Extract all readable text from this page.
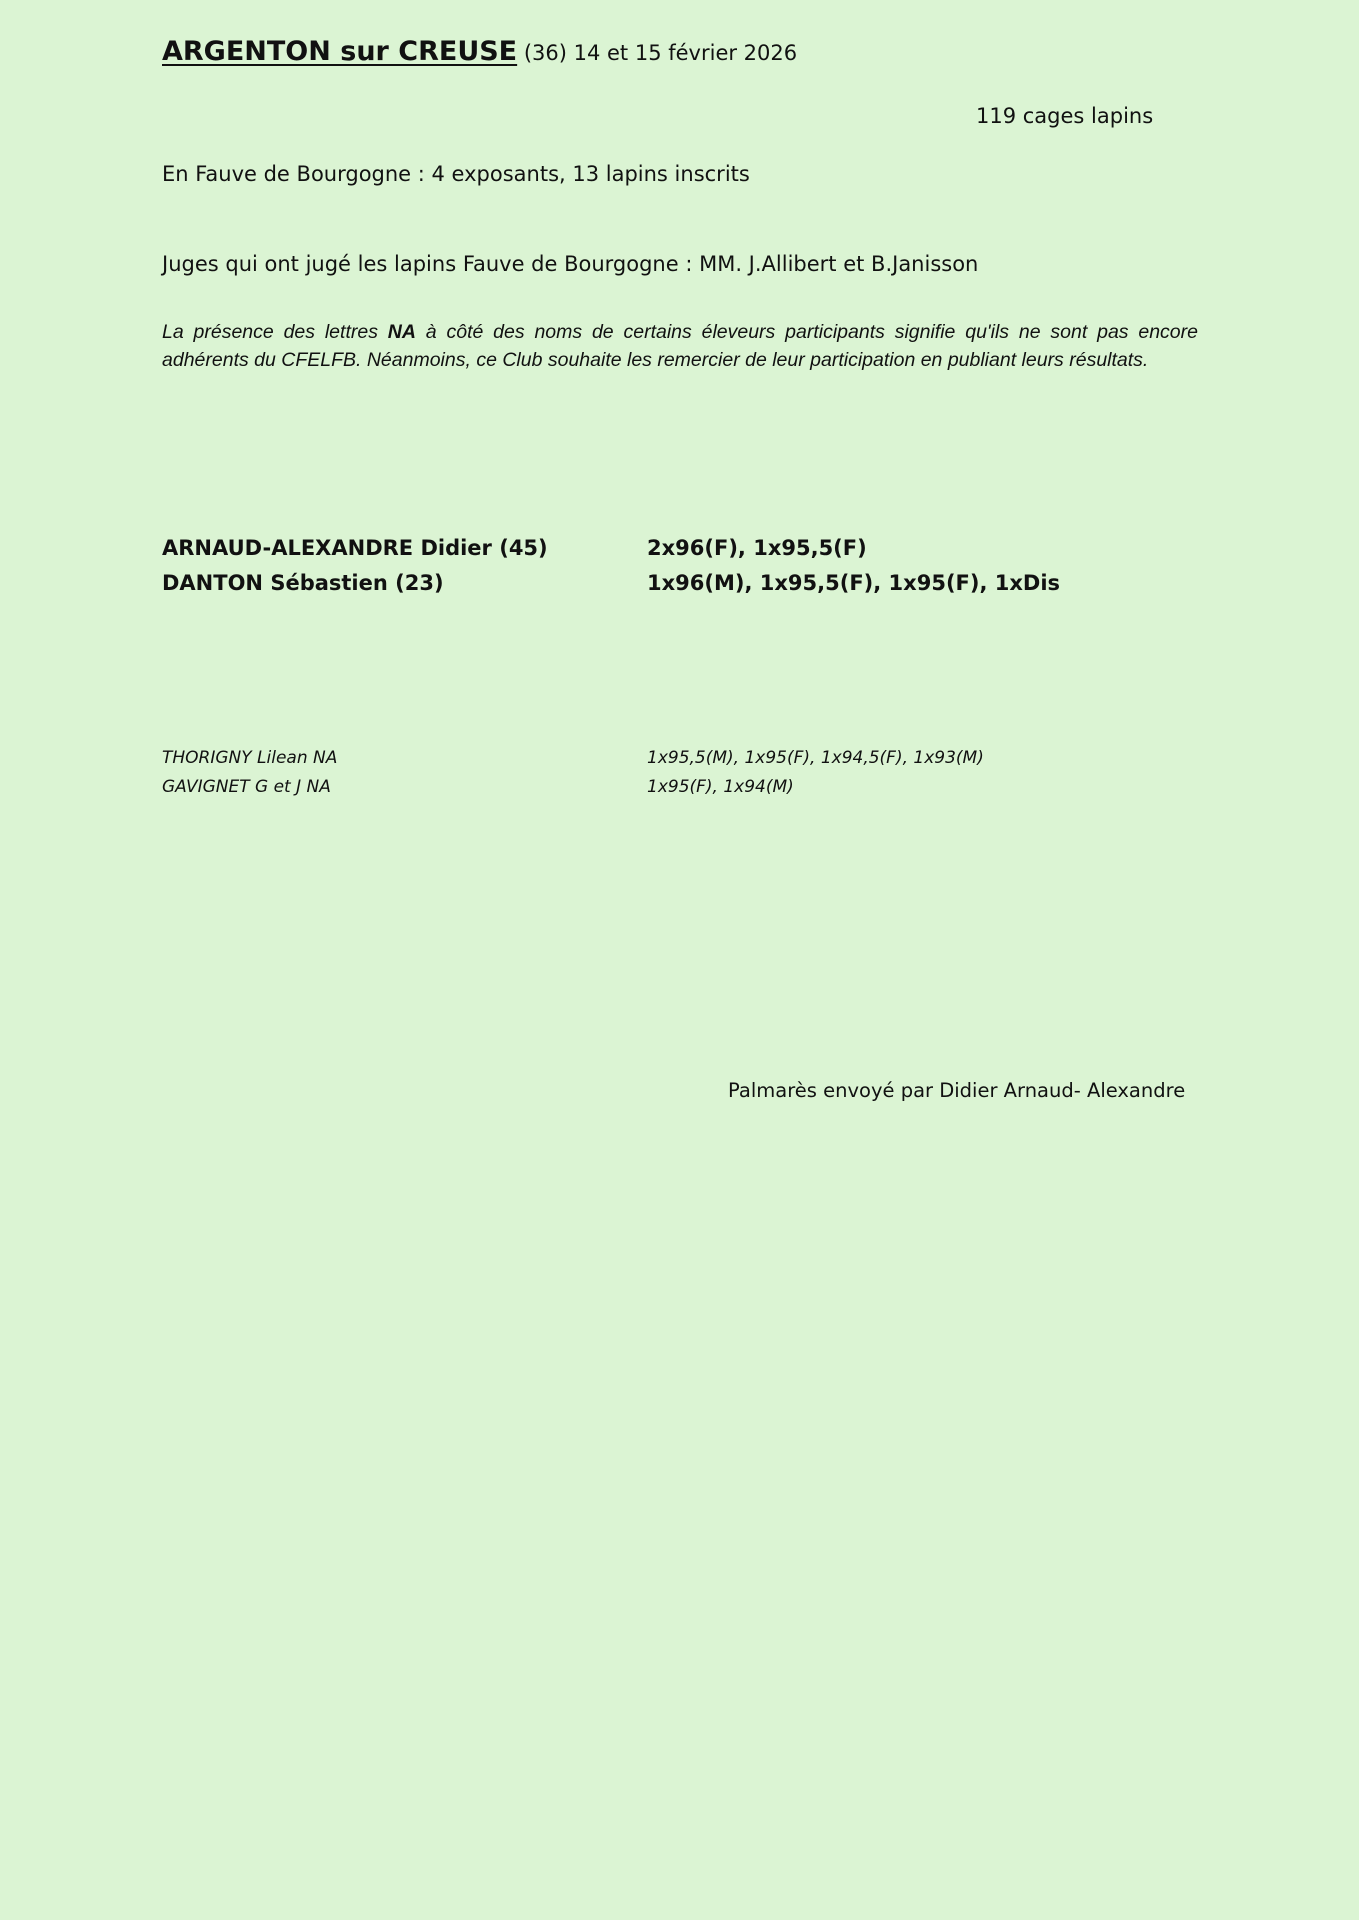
ARGENTON sur CREUSE (36) 14 et 15 février 2026
119 cages lapins
En Fauve de Bourgogne : 4 exposants, 13 lapins inscrits
Juges qui ont jugé les lapins Fauve de Bourgogne : MM. J.Allibert et B.Janisson
La présence des lettres NA à côté des noms de certains éleveurs participants signifie qu'ils ne sont pas encore adhérents du CFELFB. Néanmoins, ce Club souhaite les remercier de leur participation en publiant leurs résultats.
ARNAUD-ALEXANDRE Didier (45)	2x96(F), 1x95,5(F)
DANTON Sébastien (23)	1x96(M), 1x95,5(F), 1x95(F), 1xDis
THORIGNY Lilean NA	1x95,5(M), 1x95(F), 1x94,5(F), 1x93(M)
GAVIGNET G et J NA	1x95(F), 1x94(M)
Palmarès envoyé par Didier Arnaud- Alexandre
